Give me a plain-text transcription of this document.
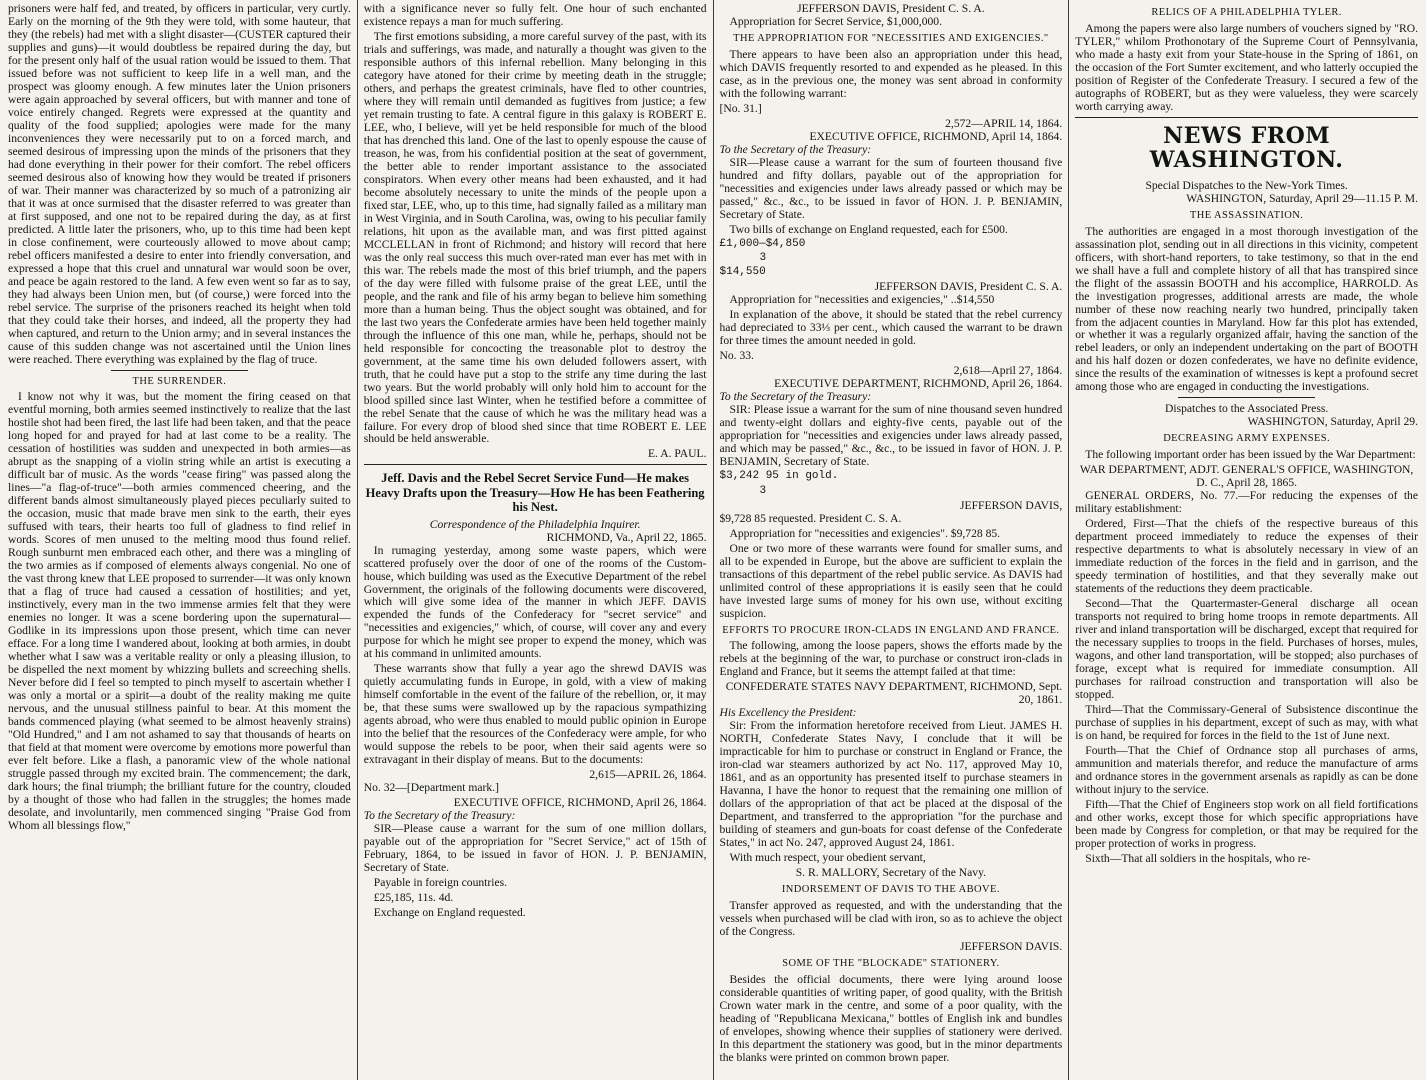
prisoners were half fed, and treated, by officers in particular, very curtly. Early on the morning of the 9th they were told, with some hauteur, that they (the rebels) had met with a slight disaster—(CUSTER captured their supplies and guns)—it would doubtless be repaired during the day, but for the present only half of the usual ration would be issued to them. That issued before was not sufficient to keep life in a well man, and the prospect was gloomy enough. A few minutes later the Union prisoners were again approached by several officers, but with manner and tone of voice entirely changed. Regrets were expressed at the quantity and quality of the food supplied; apologies were made for the many inconveniences they were necessarily put to on a forced march, and seemed desirous of impressing upon the minds of the prisoners that they had done everything in their power for their comfort. The rebel officers seemed desirous also of knowing how they would be treated if prisoners of war. Their manner was characterized by so much of a patronizing air that it was at once surmised that the disaster referred to was greater than at first supposed, and one not to be repaired during the day, as at first predicted. A little later the prisoners, who, up to this time had been kept in close confinement, were courteously allowed to move about camp; rebel officers manifested a desire to enter into friendly conversation, and expressed a hope that this cruel and unnatural war would soon be over, and peace be again restored to the land. A few even went so far as to say, they had always been Union men, but (of course,) were forced into the rebel service. The surprise of the prisoners reached its height when told that they could take their horses, and indeed, all the property they had when captured, and return to the Union army; and in several instances the cause of this sudden change was not ascertained until the Union lines were reached. There everything was explained by the flag of truce.

THE SURRENDER.

I know not why it was, but the moment the firing ceased on that eventful morning, both armies seemed instinctively to realize that the last hostile shot had been fired, the last life had been taken, and that the peace long hoped for and prayed for had at last come to be a reality. The cessation of hostilities was sudden and unexpected in both armies—as abrupt as the snapping of a violin string while an artist is executing a difficult bar of music. As the words "cease firing" was passed along the lines—"a flag-of-truce"—both armies commenced cheering, and the different bands almost simultaneously played pieces peculiarly suited to the occasion, music that made brave men sink to the earth, their eyes suffused with tears, their hearts too full of gladness to find relief in words. Scores of men unused to the melting mood thus found relief. Rough sunburnt men embraced each other, and there was a mingling of the two armies as if composed of elements always congenial. No one of the vast throng knew that LEE proposed to surrender—it was only known that a flag of truce had caused a cessation of hostilities; and yet, instinctively, every man in the two immense armies felt that they were enemies no longer. It was a scene bordering upon the supernatural—Godlike in its impressions upon those present, which time can never efface. For a long time I wandered about, looking at both armies, in doubt whether what I saw was a veritable reality or only a pleasing illusion, to be dispelled the next moment by whizzing bullets and screeching shells. Never before did I feel so tempted to pinch myself to ascertain whether I was only a mortal or a spirit—a doubt of the reality making me quite nervous, and the unusual stillness painful to bear. At this moment the bands commenced playing (what seemed to be almost heavenly strains) "Old Hundred," and I am not ashamed to say that thousands of hearts on that field at that moment were overcome by emotions more powerful than ever felt before. Like a flash, a panoramic view of the whole national struggle passed through my excited brain. The commencement; the dark, dark hours; the final triumph; the brilliant future for the country, clouded by a thought of those who had fallen in the struggles; the homes made desolate, and involuntarily, men commenced singing "Praise God from Whom all blessings flow,"

with a significance never so fully felt. One hour of such enchanted existence repays a man for much suffering.

The first emotions subsiding, a more careful survey of the past, with its trials and sufferings, was made, and naturally a thought was given to the responsible authors of this infernal rebellion. Many belonging in this category have atoned for their crime by meeting death in the struggle; others, and perhaps the greatest criminals, have fled to other countries, where they will remain until demanded as fugitives from justice; a few yet remain trusting to fate. A central figure in this galaxy is ROBERT E. LEE, who, I believe, will yet be held responsible for much of the blood that has drenched this land. One of the last to openly espouse the cause of treason, he was, from his confidential position at the seat of government, the better able to render important assistance to the associated conspirators. When every other means had been exhausted, and it had become absolutely necessary to unite the minds of the people upon a fixed star, LEE, who, up to this time, had signally failed as a military man in West Virginia, and in South Carolina, was, owing to his peculiar family relations, hit upon as the available man, and was first pitted against MCCLELLAN in front of Richmond; and history will record that here was the only real success this much over-rated man ever has met with in this war. The rebels made the most of this brief triumph, and the papers of the day were filled with fulsome praise of the great LEE, until the people, and the rank and file of his army began to believe him something more than a human being. Thus the object sought was obtained, and for the last two years the Confederate armies have been held together mainly through the influence of this one man, while he, perhaps, should not be held responsible for concocting the treasonable plot to destroy the government, at the same time his own deluded followers assert, with truth, that he could have put a stop to the strife any time during the last two years. But the world probably will only hold him to account for the blood spilled since last Winter, when he testified before a committee of the rebel Senate that the cause of which he was the military head was a failure. For every drop of blood shed since that time ROBERT E. LEE should be held answerable.

E. A. PAUL.
Jeff. Davis and the Rebel Secret Service Fund—He makes Heavy Drafts upon the Treasury—How He has been Feathering his Nest.
Correspondence of the Philadelphia Inquirer.
RICHMOND, Va., April 22, 1865.

In rumaging yesterday, among some waste papers, which were scattered profusely over the door of one of the rooms of the Custom-house, which building was used as the Executive Department of the rebel Government, the originals of the following documents were discovered, which will give some idea of the manner in which JEFF. DAVIS expended the funds of the Confederacy for "secret service" and "necessities and exigencies," which, of course, will cover any and every purpose for which he might see proper to expend the money, which was at his command in unlimited amounts.

These warrants show that fully a year ago the shrewd DAVIS was quietly accumulating funds in Europe, in gold, with a view of making himself comfortable in the event of the failure of the rebellion, or, it may be, that these sums were swallowed up by the rapacious sympathizing agents abroad, who were thus enabled to mould public opinion in Europe into the belief that the resources of the Confederacy were ample, for who would suppose the rebels to be poor, when their said agents were so extravagant in their display of means. But to the documents:

2,615—APRIL 26, 1864.

No. 32—[Department mark.]

EXECUTIVE OFFICE, RICHMOND, April 26, 1864.
To the Secretary of the Treasury:

SIR—Please cause a warrant for the sum of one million dollars, payable out of the appropriation for "Secret Service," act of 15th of February, 1864, to be issued in favor of HON. J. P. BENJAMIN, Secretary of State.

Payable in foreign countries.

£25,185, 11s. 4d.

Exchange on England requested.

JEFFERSON DAVIS, President C. S. A.

Appropriation for Secret Service, $1,000,000.

THE APPROPRIATION FOR "NECESSITIES AND EXIGENCIES."

There appears to have been also an appropriation under this head, which DAVIS frequently resorted to and expended as he pleased. In this case, as in the previous one, the money was sent abroad in conformity with the following warrant:

[No. 31.]

2,572—APRIL 14, 1864.
EXECUTIVE OFFICE, RICHMOND, April 14, 1864.
To the Secretary of the Treasury:

SIR—Please cause a warrant for the sum of fourteen thousand five hundred and fifty dollars, payable out of the appropriation for "necessities and exigencies under laws already passed or which may be passed," &c., &c., to be issued in favor of HON. J. P. BENJAMIN, Secretary of State.

Two bills of exchange on England requested, each for £500.

£1,000—$4,850

3

$14,550

JEFFERSON DAVIS, President C. S. A.

Appropriation for "necessities and exigencies," ..$14,550

In explanation of the above, it should be stated that the rebel currency had depreciated to 33⅓ per cent., which caused the warrant to be drawn for three times the amount needed in gold.

No. 33.

2,618—April 27, 1864.
EXECUTIVE DEPARTMENT, RICHMOND, April 26, 1864.
To the Secretary of the Treasury:

SIR: Please issue a warrant for the sum of nine thousand seven hundred and twenty-eight dollars and eighty-five cents, payable out of the appropriation for "necessities and exigencies under laws already passed, and which may be passed," &c., &c., to be issued in favor of HON. J. P. BENJAMIN, Secretary of State.

$3,242 95 in gold.

3

JEFFERSON DAVIS,

$9,728 85 requested. President C. S. A.

Appropriation for "necessities and exigencies". $9,728 85.

One or two more of these warrants were found for smaller sums, and all to be expended in Europe, but the above are sufficient to explain the transactions of this department of the rebel public service. As DAVIS had unlimited control of these appropriations it is easily seen that he could have invested large sums of money for his own use, without exciting suspicion.

EFFORTS TO PROCURE IRON-CLADS IN ENGLAND AND FRANCE.

The following, among the loose papers, shows the efforts made by the rebels at the beginning of the war, to purchase or construct iron-clads in England and France, but it seems the attempt failed at that time:

CONFEDERATE STATES NAVY DEPARTMENT, RICHMOND, Sept. 20, 1861.
His Excellency the President:

Sir: From the information heretofore received from Lieut. JAMES H. NORTH, Confederate States Navy, I conclude that it will be impracticable for him to purchase or construct in England or France, the iron-clad war steamers authorized by act No. 117, approved May 10, 1861, and as an opportunity has presented itself to purchase steamers in Havanna, I have the honor to request that the remaining one million of dollars of the appropriation of that act be placed at the disposal of the Department, and transferred to the appropriation "for the purchase and building of steamers and gun-boats for coast defense of the Confederate States," in act No. 247, approved August 24, 1861.

With much respect, your obedient servant,

S. R. MALLORY, Secretary of the Navy.
INDORSEMENT OF DAVIS TO THE ABOVE.

Transfer approved as requested, and with the understanding that the vessels when purchased will be clad with iron, so as to achieve the object of the Congress.

JEFFERSON DAVIS.
SOME OF THE "BLOCKADE" STATIONERY.

Besides the official documents, there were lying around loose considerable quantities of writing paper, of good quality, with the British Crown water mark in the centre, and some of a poor quality, with the heading of "Republicana Mexicana," bottles of English ink and bundles of envelopes, showing whence their supplies of stationery were derived. In this department the stationery was good, but in the minor departments the blanks were printed on common brown paper.

RELICS OF A PHILADELPHIA TYLER.

Among the papers were also large numbers of vouchers signed by "RO. TYLER," whilom Prothonotary of the Supreme Court of Pennsylvania, who made a hasty exit from your State-house in the Spring of 1861, on the occasion of the Fort Sumter excitement, and who latterly occupied the position of Register of the Confederate Treasury. I secured a few of the autographs of ROBERT, but as they were valueless, they were scarcely worth carrying away.

NEWS FROM WASHINGTON.
Special Dispatches to the New-York Times.
WASHINGTON, Saturday, April 29—11.15 P. M.
THE ASSASSINATION.

The authorities are engaged in a most thorough investigation of the assassination plot, sending out in all directions in this vicinity, competent officers, with short-hand reporters, to take testimony, so that in the end we shall have a full and complete history of all that has transpired since the flight of the assassin BOOTH and his accomplice, HARROLD. As the investigation progresses, additional arrests are made, the whole number of these now reaching nearly two hundred, principally taken from the adjacent counties in Maryland. How far this plot has extended, or whether it was a regularly organized affair, having the sanction of the rebel leaders, or only an independent undertaking on the part of BOOTH and his half dozen or dozen confederates, we have no definite evidence, since the results of the examination of witnesses is kept a profound secret among those who are engaged in conducting the investigations.

Dispatches to the Associated Press.
WASHINGTON, Saturday, April 29.
DECREASING ARMY EXPENSES.

The following important order has been issued by the War Department:

WAR DEPARTMENT, ADJT. GENERAL'S OFFICE, WASHINGTON, D. C., April 28, 1865.

GENERAL ORDERS, No. 77.—For reducing the expenses of the military establishment:

Ordered, First—That the chiefs of the respective bureaus of this department proceed immediately to reduce the expenses of their respective departments to what is absolutely necessary in view of an immediate reduction of the forces in the field and in garrison, and the speedy termination of hostilities, and that they severally make out statements of the reductions they deem practicable.

Second—That the Quartermaster-General discharge all ocean transports not required to bring home troops in remote departments. All river and inland transportation will be discharged, except that required for the necessary supplies to troops in the field. Purchases of horses, mules, wagons, and other land transportation, will be stopped; also purchases of forage, except what is required for immediate consumption. All purchases for railroad construction and transportation will also be stopped.

Third—That the Commissary-General of Subsistence discontinue the purchase of supplies in his department, except of such as may, with what is on hand, be required for forces in the field to the 1st of June next.

Fourth—That the Chief of Ordnance stop all purchases of arms, ammunition and materials therefor, and reduce the manufacture of arms and ordnance stores in the government arsenals as rapidly as can be done without injury to the service.

Fifth—That the Chief of Engineers stop work on all field fortifications and other works, except those for which specific appropriations have been made by Congress for completion, or that may be required for the proper protection of works in progress.

Sixth—That all soldiers in the hospitals, who re-
